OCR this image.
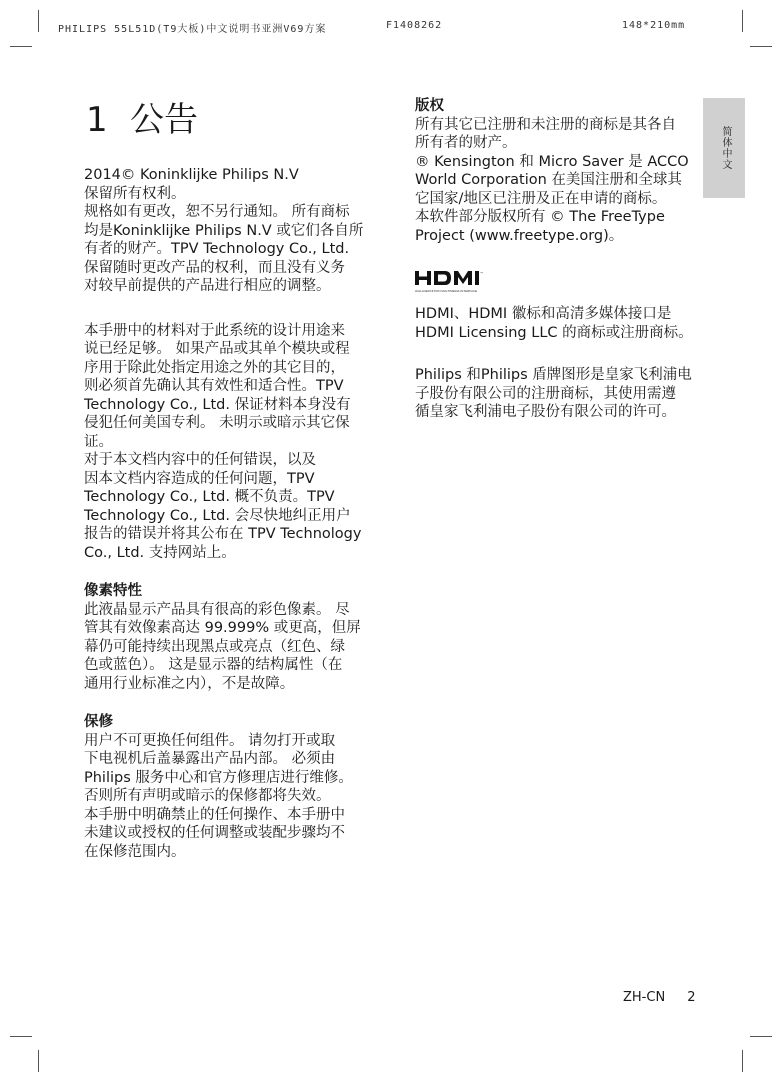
PHILIPS 55L51D(T9大板)中文说明书亚洲V69方案	F1408262	148*210mm
1 公告
简体中文

2014© Koninklijke Philips N.V

保留所有权利。

规格如有更改，恕不另行通知。 所有商标

均是Koninklijke Philips N.V 或它们各自所

有者的财产。TPV Technology Co., Ltd.

保留随时更改产品的权利，而且没有义务

对较早前提供的产品进行相应的调整。

本手册中的材料对于此系统的设计用途来

说已经足够。 如果产品或其单个模块或程

序用于除此处指定用途之外的其它目的，

则必须首先确认其有效性和适合性。TPV

Technology Co., Ltd. 保证材料本身没有

侵犯任何美国专利。 未明示或暗示其它保

证。

对于本文档内容中的任何错误，以及

因本文档内容造成的任何问题，TPV

Technology Co., Ltd. 概不负责。TPV

Technology Co., Ltd. 会尽快地纠正用户

报告的错误并将其公布在 TPV Technology

Co., Ltd. 支持网站上。

像素特性

此液晶显示产品具有很高的彩色像素。 尽

管其有效像素高达 99.999% 或更高，但屏

幕仍可能持续出现黑点或亮点（红色、绿

色或蓝色）。 这是显示器的结构属性（在

通用行业标准之内），不是故障。

保修

用户不可更换任何组件。 请勿打开或取

下电视机后盖暴露出产品内部。 必须由

Philips 服务中心和官方修理店进行维修。

否则所有声明或暗示的保修都将失效。

本手册中明确禁止的任何操作、本手册中

未建议或授权的任何调整或装配步骤均不

在保修范围内。

版权

所有其它已注册和未注册的商标是其各自

所有者的财产。

® Kensington 和 Micro Saver 是 ACCO

World Corporation 在美国注册和全球其

它国家/地区已注册及正在申请的商标。

本软件部分版权所有 © The FreeType

Project (www.freetype.org)。

HIGH-DEFINITION MULTIMEDIA INTERFACE
™

HDMI、HDMI 徽标和高清多媒体接口是

HDMI Licensing LLC 的商标或注册商标。

Philips 和Philips 盾牌图形是皇家飞利浦电

子股份有限公司的注册商标，其使用需遵

循皇家飞利浦电子股份有限公司的许可。

ZH-CN 2
